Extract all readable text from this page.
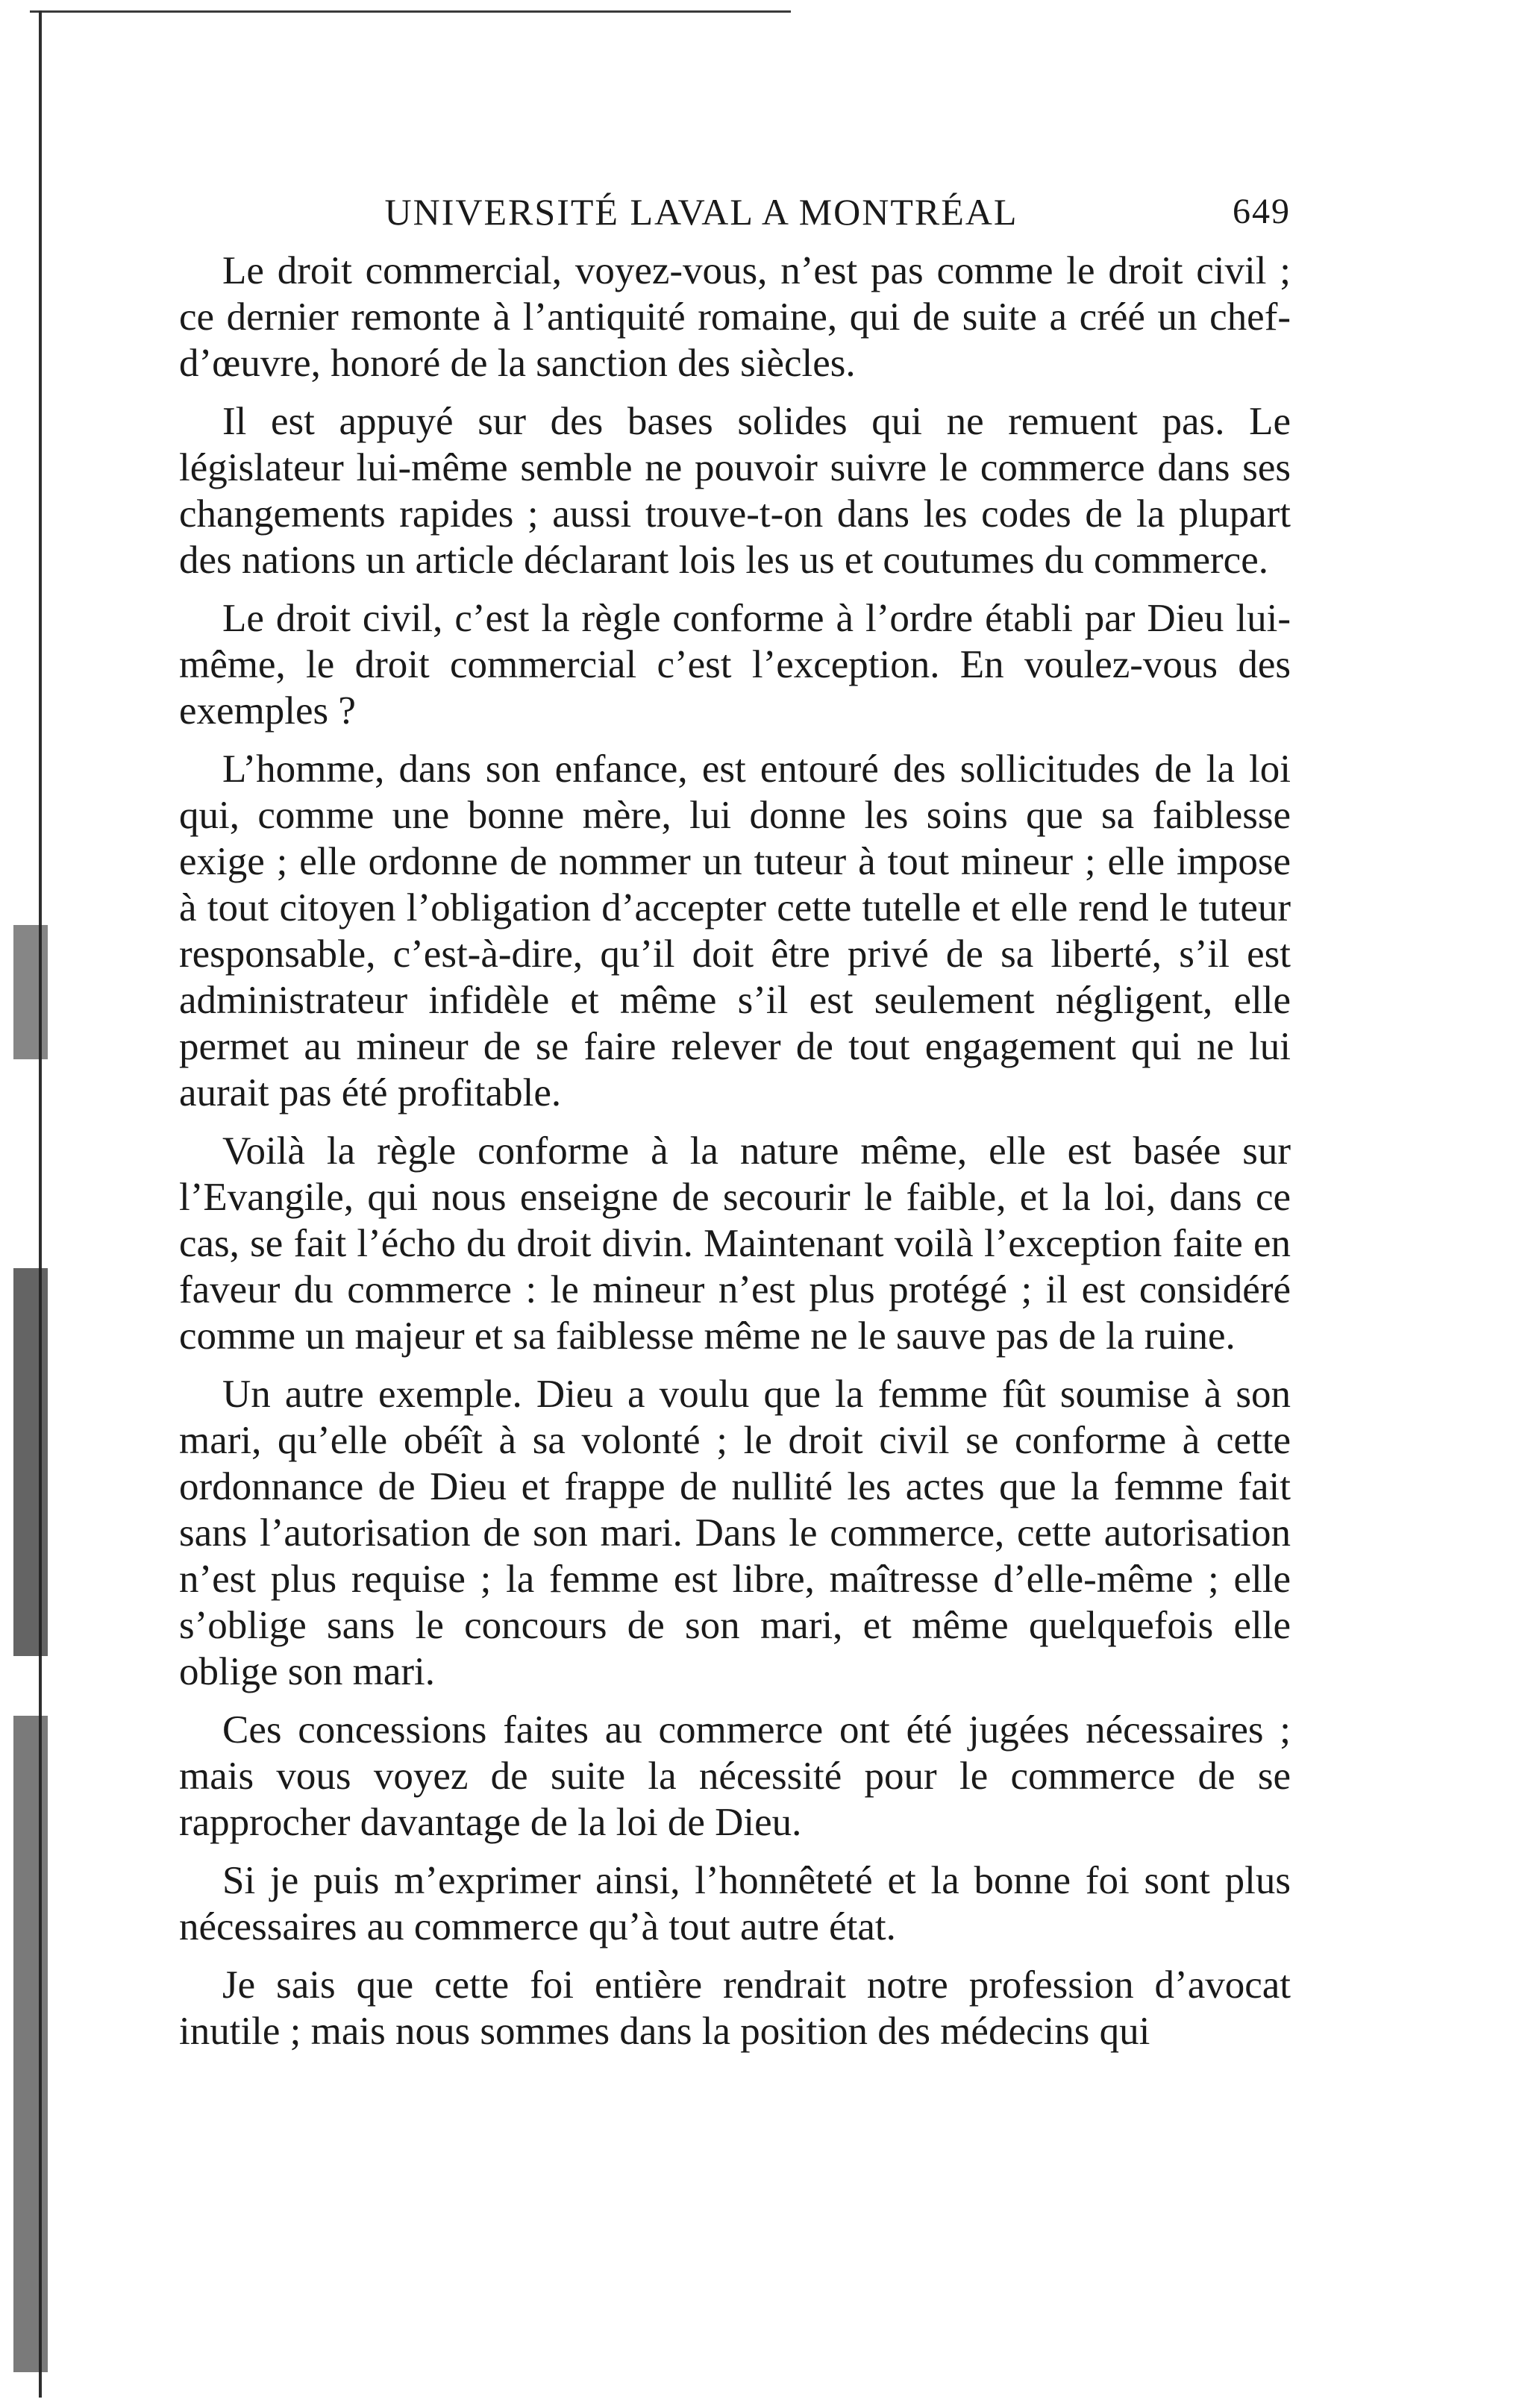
UNIVERSITÉ LAVAL A MONTRÉAL	649

Le droit commercial, voyez-vous, n’est pas comme le droit civil ; ce dernier remonte à l’antiquité romaine, qui de suite a créé un chef-d’œuvre, honoré de la sanction des siècles.

Il est appuyé sur des bases solides qui ne remuent pas. Le législateur lui-même semble ne pouvoir suivre le commerce dans ses changements rapides ; aussi trouve-t-on dans les codes de la plupart des nations un article déclarant lois les us et coutumes du commerce.

Le droit civil, c’est la règle conforme à l’ordre établi par Dieu lui-même, le droit commercial c’est l’exception. En voulez-vous des exemples ?

L’homme, dans son enfance, est entouré des sollicitudes de la loi qui, comme une bonne mère, lui donne les soins que sa faiblesse exige ; elle ordonne de nommer un tuteur à tout mineur ; elle impose à tout citoyen l’obligation d’accepter cette tutelle et elle rend le tuteur responsable, c’est-à-dire, qu’il doit être privé de sa liberté, s’il est administrateur infidèle et même s’il est seulement négligent, elle permet au mineur de se faire relever de tout engagement qui ne lui aurait pas été profitable.

Voilà la règle conforme à la nature même, elle est basée sur l’Evangile, qui nous enseigne de secourir le faible, et la loi, dans ce cas, se fait l’écho du droit divin. Maintenant voilà l’exception faite en faveur du commerce : le mineur n’est plus protégé ; il est considéré comme un majeur et sa faiblesse même ne le sauve pas de la ruine.

Un autre exemple. Dieu a voulu que la femme fût soumise à son mari, qu’elle obéît à sa volonté ; le droit civil se conforme à cette ordonnance de Dieu et frappe de nullité les actes que la femme fait sans l’autorisation de son mari. Dans le commerce, cette autorisation n’est plus requise ; la femme est libre, maîtresse d’elle-même ; elle s’oblige sans le concours de son mari, et même quelquefois elle oblige son mari.

Ces concessions faites au commerce ont été jugées nécessaires ; mais vous voyez de suite la nécessité pour le commerce de se rapprocher davantage de la loi de Dieu.

Si je puis m’exprimer ainsi, l’honnêteté et la bonne foi sont plus nécessaires au commerce qu’à tout autre état.

Je sais que cette foi entière rendrait notre profession d’avocat inutile ; mais nous sommes dans la position des médecins qui
